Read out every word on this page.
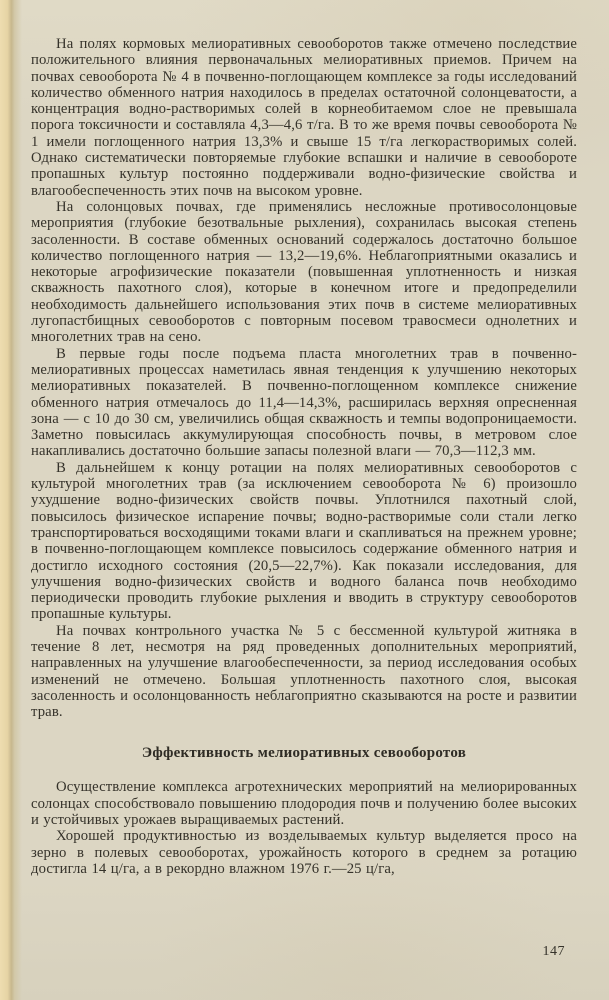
На полях кормовых мелиоративных севооборотов также отмечено последствие положительного влияния первоначальных мелиоративных приемов. Причем на почвах севооборота № 4 в почвенно-поглощающем комплексе за годы исследований количество обменного натрия находилось в пределах остаточной солонцеватости, а концентрация водно-растворимых солей в корнеобитаемом слое не превышала порога токсичности и составляла 4,3—4,6 т/га. В то же время почвы севооборота № 1 имели поглощенного натрия 13,3% и свыше 15 т/га легкорастворимых солей. Однако систематически повторяемые глубокие вспашки и наличие в севообороте пропашных культур постоянно поддерживали водно-физические свойства и влагообеспеченность этих почв на высоком уровне.

На солонцовых почвах, где применялись несложные противосолонцовые мероприятия (глубокие безотвальные рыхления), сохранилась высокая степень засоленности. В составе обменных оснований содержалось достаточно большое количество поглощенного натрия — 13,2—19,6%. Неблагоприятными оказались и некоторые агрофизические показатели (повышенная уплотненность и низкая скважность пахотного слоя), которые в конечном итоге и предопределили необходимость дальнейшего использования этих почв в системе мелиоративных лугопастбищных севооборотов с повторным посевом травосмеси однолетних и многолетних трав на сено.

В первые годы после подъема пласта многолетних трав в почвенно-мелиоративных процессах наметилась явная тенденция к улучшению некоторых мелиоративных показателей. В почвенно-поглощенном комплексе снижение обменного натрия отмечалось до 11,4—14,3%, расширилась верхняя опресненная зона — с 10 до 30 см, увеличились общая скважность и темпы водопроницаемости. Заметно повысилась аккумулирующая способность почвы, в метровом слое накапливались достаточно большие запасы полезной влаги — 70,3—112,3 мм.

В дальнейшем к концу ротации на полях мелиоративных севооборотов с культурой многолетних трав (за исключением севооборота № 6) произошло ухудшение водно-физических свойств почвы. Уплотнился пахотный слой, повысилось физическое испарение почвы; водно-растворимые соли стали легко транспортироваться восходящими токами влаги и скапливаться на прежнем уровне; в почвенно-поглощающем комплексе повысилось содержание обменного натрия и достигло исходного состояния (20,5—22,7%). Как показали исследования, для улучшения водно-физических свойств и водного баланса почв необходимо периодически проводить глубокие рыхления и вводить в структуру севооборотов пропашные культуры.

На почвах контрольного участка № 5 с бессменной культурой житняка в течение 8 лет, несмотря на ряд проведенных дополнительных мероприятий, направленных на улучшение влагообеспеченности, за период исследования особых изменений не отмечено. Большая уплотненность пахотного слоя, высокая засоленность и осолонцованность неблагоприятно сказываются на росте и развитии трав.

Эффективность мелиоративных севооборотов

Осуществление комплекса агротехнических мероприятий на мелиорированных солонцах способствовало повышению плодородия почв и получению более высоких и устойчивых урожаев выращиваемых растений.

Хорошей продуктивностью из возделываемых культур выделяется просо на зерно в полевых севооборотах, урожайность которого в среднем за ротацию достигла 14 ц/га, а в рекордно влажном 1976 г.—25 ц/га,

147
